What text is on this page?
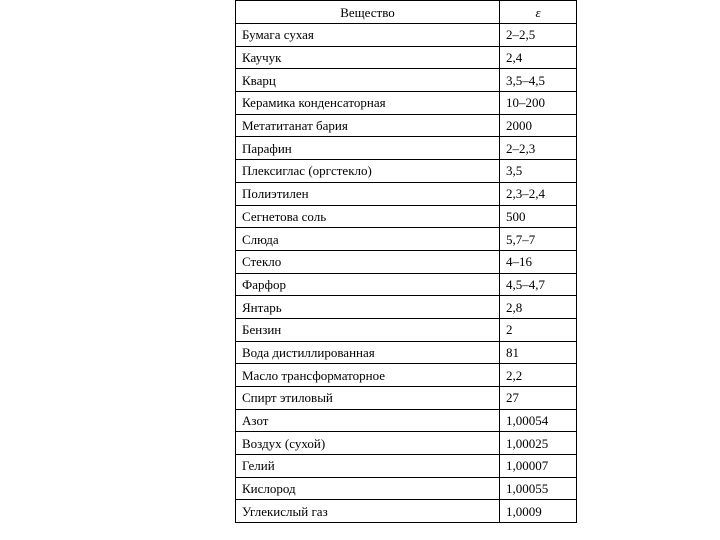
Вещество	ε
Бумага сухая	2–2,5
Каучук	2,4
Кварц	3,5–4,5
Керамика конденсаторная	10–200
Метатитанат бария	2000
Парафин	2–2,3
Плексиглас (оргстекло)	3,5
Полиэтилен	2,3–2,4
Сегнетова соль	500
Слюда	5,7–7
Стекло	4–16
Фарфор	4,5–4,7
Янтарь	2,8
Бензин	2
Вода дистиллированная	81
Масло трансформаторное	2,2
Спирт этиловый	27
Азот	1,00054
Воздух (сухой)	1,00025
Гелий	1,00007
Кислород	1,00055
Углекислый газ	1,0009
